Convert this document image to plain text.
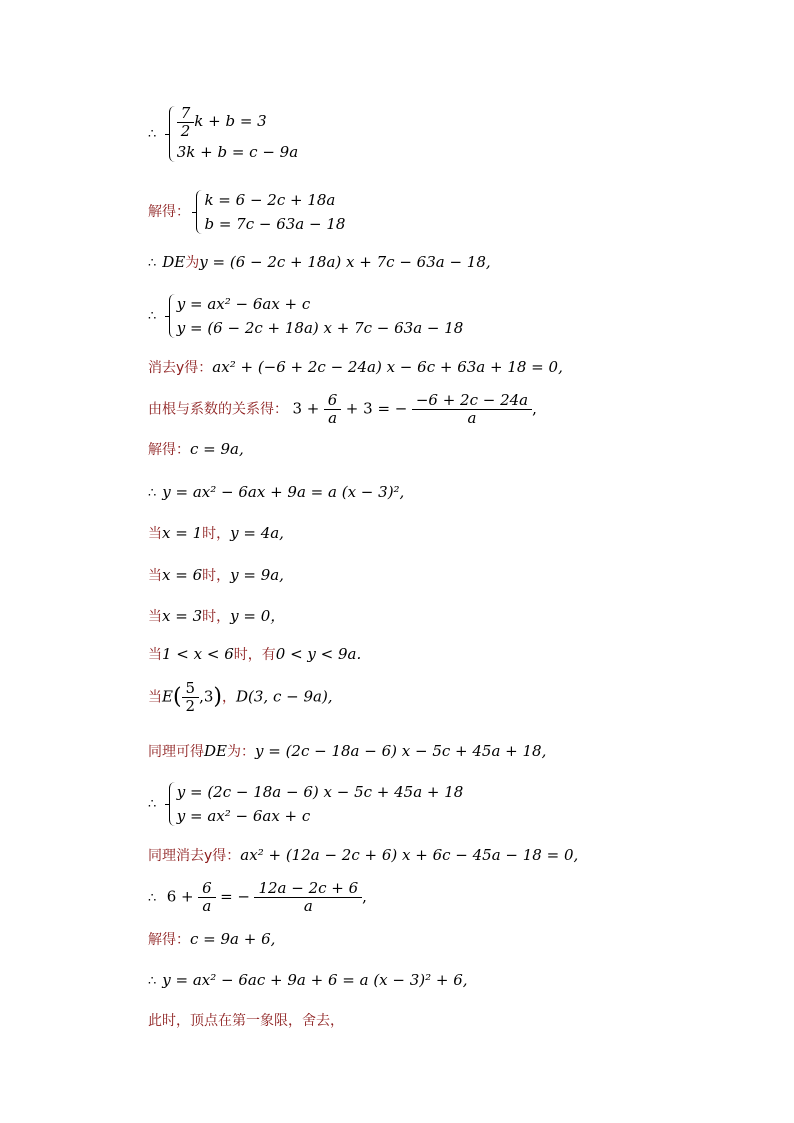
∴ $\frac{7}{2}$ k + b = 3
3k + b = c − 9a
解得：
k = 6 − 2c + 18a
b = 7c − 63a − 18
∴ DE为y = (6 − 2c + 18a) x + 7c − 63a − 18,
∴
y = ax² − 6ax + c
y = (6 − 2c + 18a) x + 7c − 63a − 18
消去y得：ax² + (−6 + 2c − 24a) x − 6c + 63a + 18 = 0,
由根与系数的关系得： $3 + \frac{6}{a} + 3$ = − $\frac{-6 + 2c - 24a}{a}$ ,
解得：c = 9a,
∴ y = ax² − 6ax + 9a = a (x − 3)²,
当x = 1时，y = 4a,
当x = 6时，y = 9a,
当x = 3时，y = 0，
当1 < x < 6时，有0 < y < 9a.
当$E( \frac{5}{2} ,3)$，D(3, c − 9a),
同理可得DE为：y = (2c − 18a − 6) x − 5c + 45a + 18,
∴
y = (2c − 18a − 6) x − 5c + 45a + 18
y = ax² − 6ax + c
同理消去y得：ax² + (12a − 2c + 6) x + 6c − 45a − 18 = 0,
∴ $6 + \frac{6}{a}$ = − $\frac{12a - 2c + 6}{a}$ ,
解得：c = 9a + 6,
∴ y = ax² − 6ac + 9a + 6 = a (x − 3)² + 6,
此时，顶点在第一象限，舍去，
